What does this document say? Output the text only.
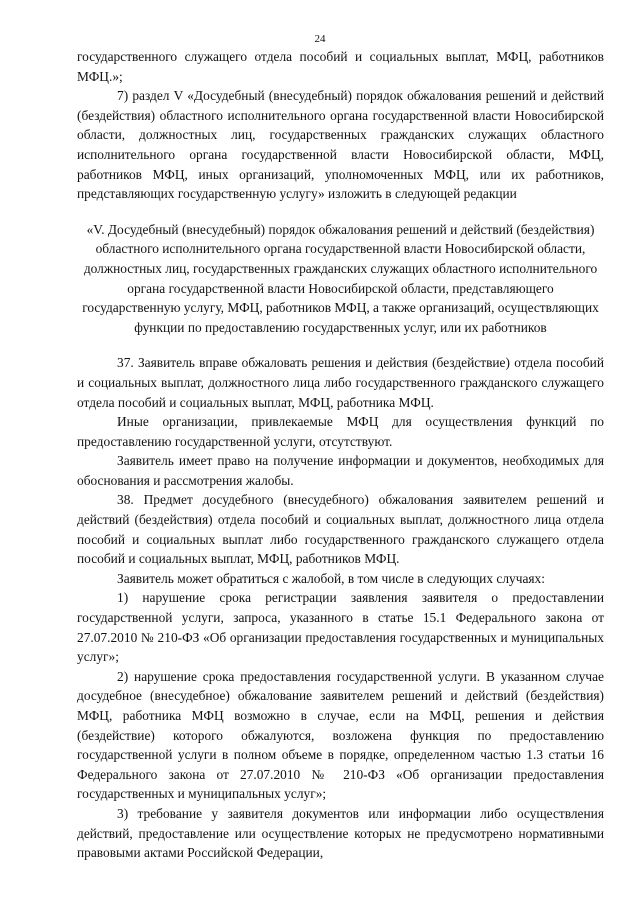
24

государственного служащего отдела пособий и социальных выплат, МФЦ, работников МФЦ.»;

7) раздел V «Досудебный (внесудебный) порядок обжалования решений и действий (бездействия) областного исполнительного органа государственной власти Новосибирской области, должностных лиц, государственных гражданских служащих областного исполнительного органа государственной власти Новосибирской области, МФЦ, работников МФЦ, иных организаций, уполномоченных МФЦ, или их работников, представляющих государственную услугу» изложить в следующей редакции

«V. Досудебный (внесудебный) порядок обжалования решений и действий (бездействия) областного исполнительного органа государственной власти Новосибирской области, должностных лиц, государственных гражданских служащих областного исполнительного органа государственной власти Новосибирской области, представляющего государственную услугу, МФЦ, работников МФЦ, а также организаций, осуществляющих функции по предоставлению государственных услуг, или их работников

37. Заявитель вправе обжаловать решения и действия (бездействие) отдела пособий и социальных выплат, должностного лица либо государственного гражданского служащего отдела пособий и социальных выплат, МФЦ, работника МФЦ.

Иные организации, привлекаемые МФЦ для осуществления функций по предоставлению государственной услуги, отсутствуют.

Заявитель имеет право на получение информации и документов, необходимых для обоснования и рассмотрения жалобы.

38. Предмет досудебного (внесудебного) обжалования заявителем решений и действий (бездействия) отдела пособий и социальных выплат, должностного лица отдела пособий и социальных выплат либо государственного гражданского служащего отдела пособий и социальных выплат, МФЦ, работников МФЦ.

Заявитель может обратиться с жалобой, в том числе в следующих случаях:

1) нарушение срока регистрации заявления заявителя о предоставлении государственной услуги, запроса, указанного в статье 15.1 Федерального закона от 27.07.2010 № 210-ФЗ «Об организации предоставления государственных и муниципальных услуг»;

2) нарушение срока предоставления государственной услуги. В указанном случае досудебное (внесудебное) обжалование заявителем решений и действий (бездействия) МФЦ, работника МФЦ возможно в случае, если на МФЦ, решения и действия (бездействие) которого обжалуются, возложена функция по предоставлению государственной услуги в полном объеме в порядке, определенном частью 1.3 статьи 16 Федерального закона от 27.07.2010 № 210-ФЗ «Об организации предоставления государственных и муниципальных услуг»;

3) требование у заявителя документов или информации либо осуществления действий, предоставление или осуществление которых не предусмотрено нормативными правовыми актами Российской Федерации,
